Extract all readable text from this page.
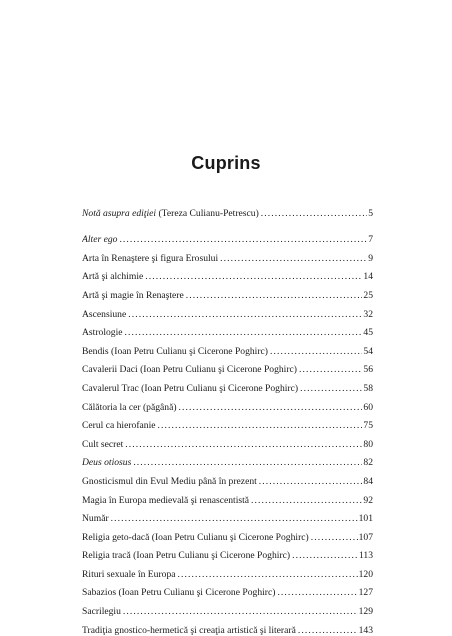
Cuprins
Notă asupra ediţiei (Tereza Culianu-Petrescu) .....	5
Alter ego .....	7
Arta în Renaştere şi figura Erosului .....	9
Artă şi alchimie .....	14
Artă şi magie în Renaştere .....	25
Ascensiune .....	32
Astrologie .....	45
Bendis (Ioan Petru Culianu şi Cicerone Poghirc) .....	54
Cavalerii Daci (Ioan Petru Culianu şi Cicerone Poghirc) .....	56
Cavalerul Trac (Ioan Petru Culianu şi Cicerone Poghirc) .....	58
Călătoria la cer (păgână) .....	60
Cerul ca hierofanie .....	75
Cult secret .....	80
Deus otiosus .....	82
Gnosticismul din Evul Mediu până în prezent .....	84
Magia în Europa medievală şi renascentistă .....	92
Număr .....	101
Religia geto-dacă (Ioan Petru Culianu şi Cicerone Poghirc) .....	107
Religia tracă (Ioan Petru Culianu şi Cicerone Poghirc) .....	113
Rituri sexuale în Europa .....	120
Sabazios (Ioan Petru Culianu şi Cicerone Poghirc) .....	127
Sacrilegiu .....	129
Tradiţia gnostico-hermetică şi creaţia artistică şi literară .....	143
